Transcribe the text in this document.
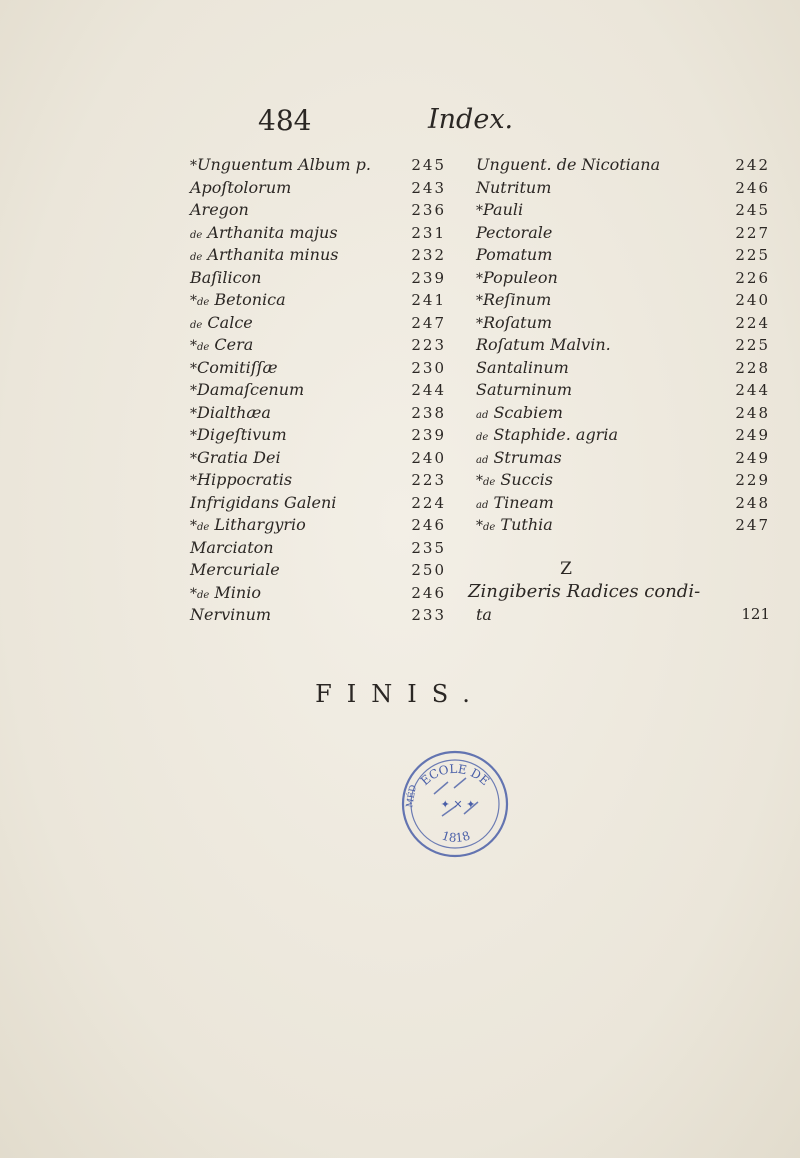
484	Index.
*Unguentum Album p.	245
Apoſtolorum	243
Aregon	236
de Arthanita majus	231
de Arthanita minus	232
Baſilicon	239
*de Betonica	241
de Calce	247
*de Cera	223
*Comitiſſæ	230
*Damaſcenum	244
*Dialthæa	238
*Digeſtivum	239
*Gratia Dei	240
*Hippocratis	223
Infrigidans Galeni	224
*de Lithargyrio	246
Marciaton	235
Mercuriale	250
*de Minio	246
Nervinum	233
Unguent. de Nicotiana	242
Nutritum	246
*Pauli	245
Pectorale	227
Pomatum	225
*Populeon	226
*Reſinum	240
*Roſatum	224
Roſatum Malvin.	225
Santalinum	228
Saturninum	244
ad Scabiem	248
de Staphide. agria	249
ad Strumas	249
*de Succis	229
ad Tineam	248
*de Tuthia	247
Z
Zingiberis Radices condi-
ta	121
FINIS.
ECOLE DE
1818
MÉD ✦ ✕ ✦
